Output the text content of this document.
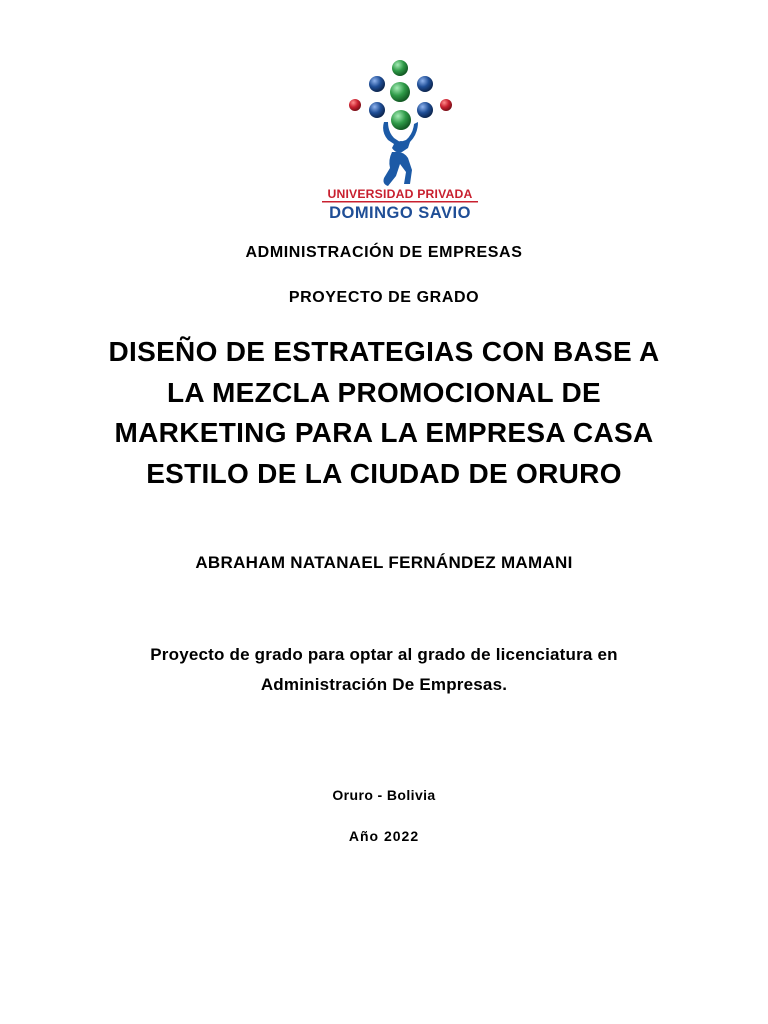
UNIVERSIDAD PRIVADA
DOMINGO SAVIO
ADMINISTRACIÓN DE EMPRESAS
PROYECTO DE GRADO
DISEÑO DE ESTRATEGIAS CON BASE A
LA MEZCLA PROMOCIONAL DE
MARKETING PARA LA EMPRESA CASA
ESTILO DE LA CIUDAD DE ORURO
ABRAHAM NATANAEL FERNÁNDEZ MAMANI
Proyecto de grado para optar al grado de licenciatura en
Administración De Empresas.
Oruro - Bolivia
Año 2022
